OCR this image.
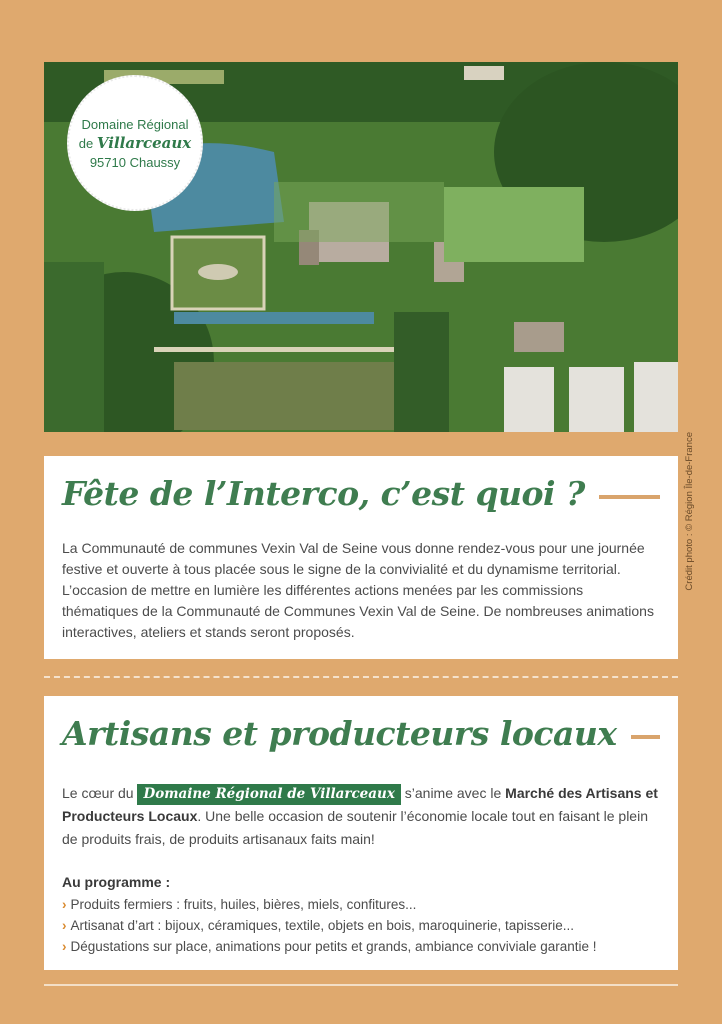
Domaine Régional
de Villarceaux
95710 Chaussy
Crédit photo : © Région Île-de-France
Fête de l’Interco, c’est quoi ?
La Communauté de communes Vexin Val de Seine vous donne rendez-vous pour une journée festive et ouverte à tous placée sous le signe de la convivialité et du dynamisme territorial. L’occasion de mettre en lumière les différentes actions menées par les commissions thématiques de la Communauté de Communes Vexin Val de Seine. De nombreuses animations interactives, ateliers et stands seront proposés.
Artisans et producteurs locaux
Le cœur du Domaine Régional de Villarceaux s’anime avec le Marché des Artisans et Producteurs Locaux. Une belle occasion de soutenir l’économie locale tout en faisant le plein de produits frais, de produits artisanaux faits main!
Au programme :
› Produits fermiers : fruits, huiles, bières, miels, confitures...
› Artisanat d’art : bijoux, céramiques, textile, objets en bois, maroquinerie, tapisserie...
› Dégustations sur place, animations pour petits et grands, ambiance conviviale garantie !
